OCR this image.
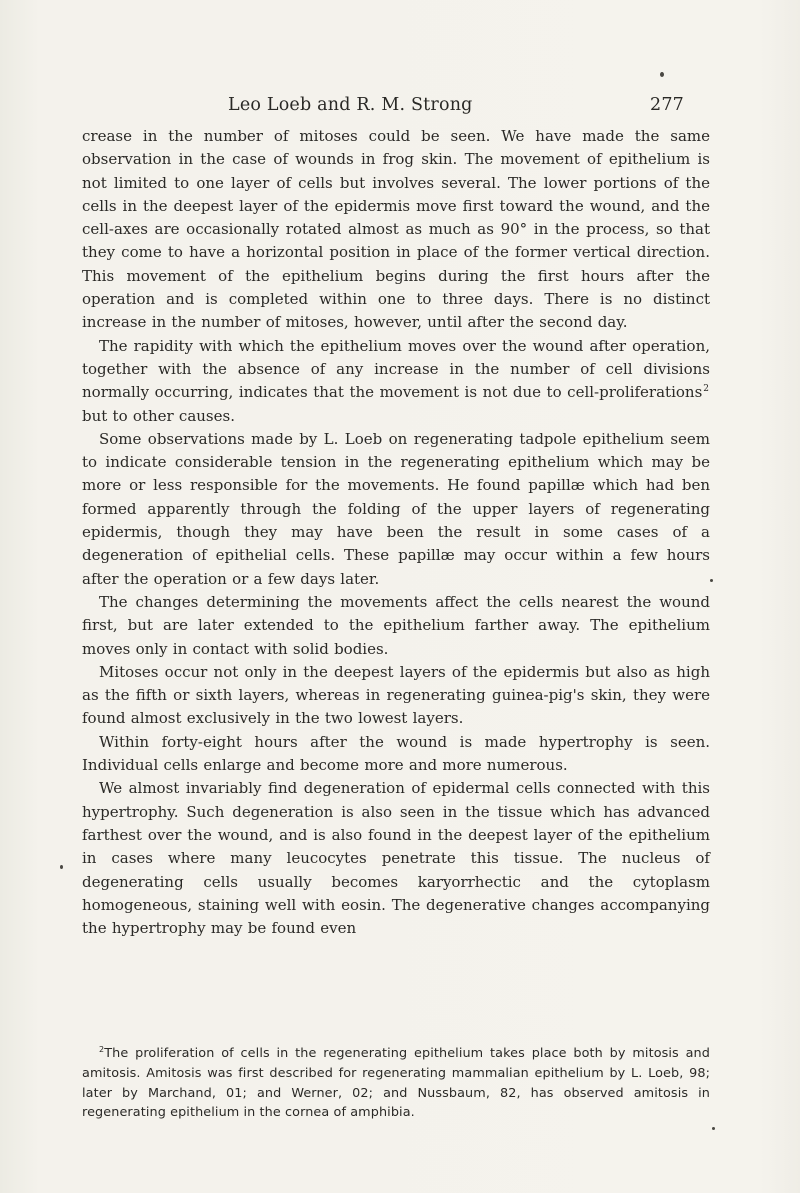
Leo Loeb and R. M. Strong	277

crease in the number of mitoses could be seen. We have made the same observation in the case of wounds in frog skin. The movement of epithelium is not limited to one layer of cells but involves several. The lower portions of the cells in the deepest layer of the epidermis move first toward the wound, and the cell-axes are occasionally rotated almost as much as 90° in the process, so that they come to have a horizontal position in place of the former vertical direction. This movement of the epithelium begins during the first hours after the operation and is completed within one to three days. There is no distinct increase in the number of mitoses, however, until after the second day.

The rapidity with which the epithelium moves over the wound after operation, together with the absence of any increase in the number of cell divisions normally occurring, indicates that the movement is not due to cell-proliferations$^2$ but to other causes.

Some observations made by L. Loeb on regenerating tadpole epithelium seem to indicate considerable tension in the regenerating epithelium which may be more or less responsible for the movements. He found papillæ which had ben formed apparently through the folding of the upper layers of regenerating epidermis, though they may have been the result in some cases of a degeneration of epithelial cells. These papillæ may occur within a few hours after the operation or a few days later.

The changes determining the movements affect the cells nearest the wound first, but are later extended to the epithelium farther away. The epithelium moves only in contact with solid bodies.

Mitoses occur not only in the deepest layers of the epidermis but also as high as the fifth or sixth layers, whereas in regenerating guinea-pig's skin, they were found almost exclusively in the two lowest layers.

Within forty-eight hours after the wound is made hypertrophy is seen. Individual cells enlarge and become more and more numerous.

We almost invariably find degeneration of epidermal cells connected with this hypertrophy. Such degeneration is also seen in the tissue which has advanced farthest over the wound, and is also found in the deepest layer of the epithelium in cases where many leucocytes penetrate this tissue. The nucleus of degenerating cells usually becomes karyorrhectic and the cytoplasm homogeneous, staining well with eosin. The degenerative changes accompanying the hypertrophy may be found even

$^2$The proliferation of cells in the regenerating epithelium takes place both by mitosis and amitosis. Amitosis was first described for regenerating mammalian epithelium by L. Loeb, 98; later by Marchand, 01; and Werner, 02; and Nussbaum, 82, has observed amitosis in regenerating epithelium in the cornea of amphibia.
